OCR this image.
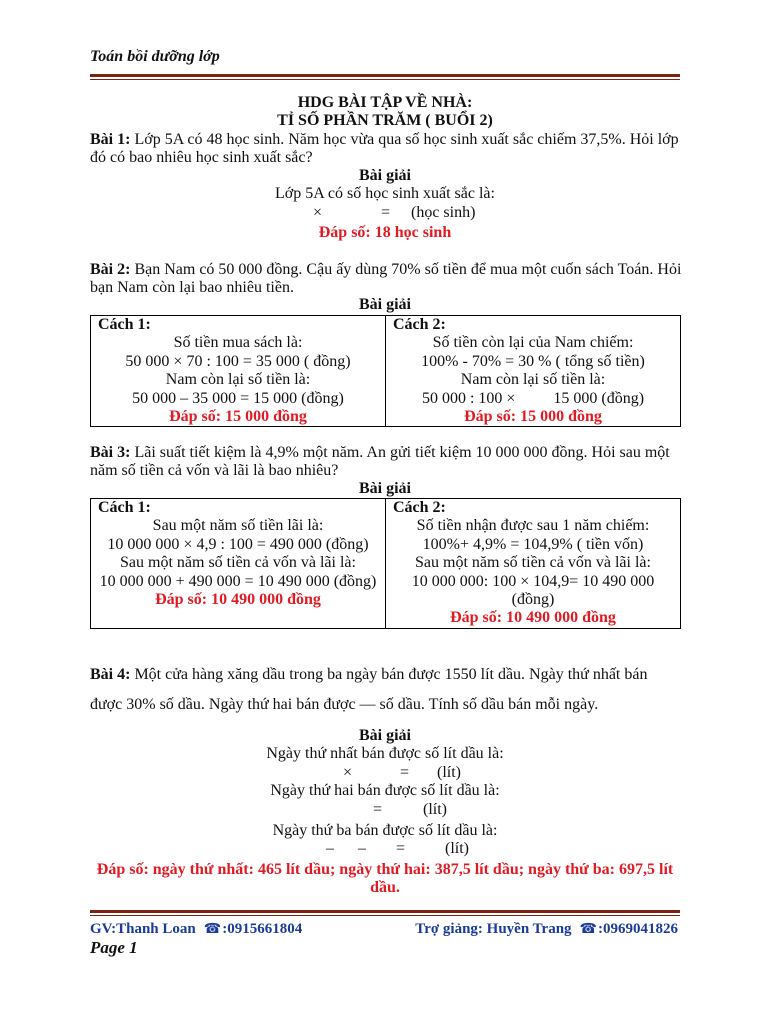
Toán bồi dưỡng lớp
HDG BÀI TẬP VỀ NHÀ:
TỈ SỐ PHẦN TRĂM ( BUỔI 2)
Bài 1: Lớp 5A có 48 học sinh. Năm học vừa qua số học sinh xuất sắc chiếm 37,5%. Hỏi lớp
đó có bao nhiêu học sinh xuất sắc?
Bài giải
Lớp 5A có số học sinh xuất sắc là:
×	= (học sinh)
Đáp số: 18 học sinh
Bài 2: Bạn Nam có 50 000 đồng. Cậu ấy dùng 70% số tiền để mua một cuốn sách Toán. Hỏi
bạn Nam còn lại bao nhiêu tiền.
Bài giải
Cách 1:
Số tiền mua sách là:
50 000 × 70 : 100 = 35 000 ( đồng)
Nam còn lại số tiền là:
50 000 – 35 000 = 15 000 (đồng)
Đáp số: 15 000 đồng

Cách 2:
Số tiền còn lại của Nam chiếm:
100% - 70% = 30 % ( tổng số tiền)
Nam còn lại số tiền là:
50 000 : 100 × 15 000 (đồng)
Đáp số: 15 000 đồng
Bài 3: Lãi suất tiết kiệm là 4,9% một năm. An gửi tiết kiệm 10 000 000 đồng. Hỏi sau một
năm số tiền cả vốn và lãi là bao nhiêu?
Bài giải
Cách 1:
Sau một năm số tiền lãi là:
10 000 000 × 4,9 : 100 = 490 000 (đồng)
Sau một năm số tiền cả vốn và lãi là:
10 000 000 + 490 000 = 10 490 000 (đồng)
Đáp số: 10 490 000 đồng

Cách 2:
Số tiền nhận được sau 1 năm chiếm:
100%+ 4,9% = 104,9% ( tiền vốn)
Sau một năm số tiền cả vốn và lãi là:
10 000 000: 100 × 104,9= 10 490 000
(đồng)
Đáp số: 10 490 000 đồng
Bài 4: Một cửa hàng xăng dầu trong ba ngày bán được 1550 lít dầu. Ngày thứ nhất bán
được 30% số dầu. Ngày thứ hai bán được — số dầu. Tính số dầu bán mỗi ngày.
Bài giải
Ngày thứ nhất bán được số lít dầu là:
×	= (lít)
Ngày thứ hai bán được số lít dầu là:
=	(lít)
Ngày thứ ba bán được số lít dầu là:
– – = (lít)
Đáp số: ngày thứ nhất: 465 lít dầu; ngày thứ hai: 387,5 lít dầu; ngày thứ ba: 697,5 lít dầu.
GV:Thanh Loan ☎ :0915661804	Trợ giảng: Huyền Trang ☎ :0969041826
Page 1
